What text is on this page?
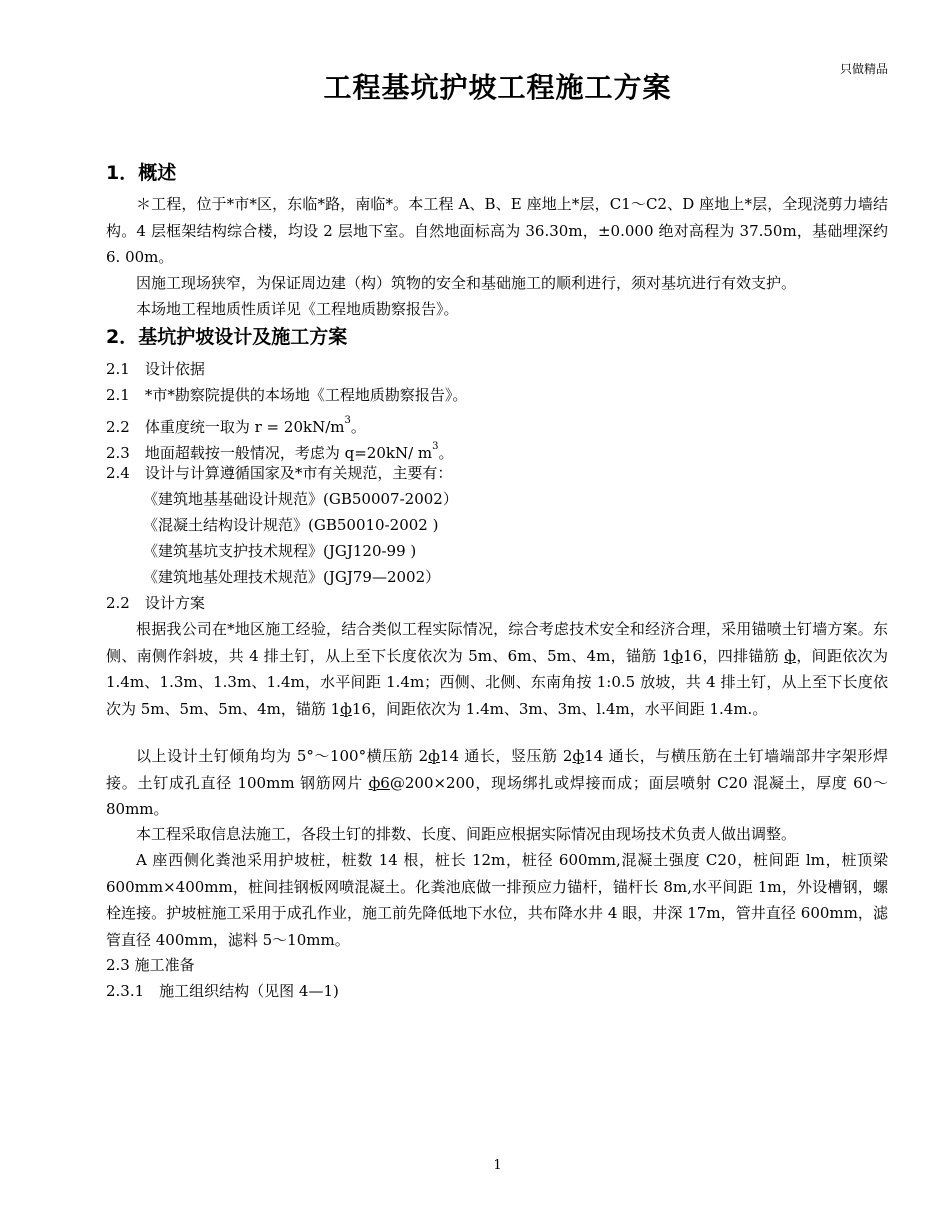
只做精品
工程基坑护坡工程施工方案
1．概述

＊工程，位于*市*区，东临*路，南临*。本工程 A、B、E 座地上*层，C1～C2、D 座地上*层，全现浇剪力墙结构。4 层框架结构综合楼，均设 2 层地下室。自然地面标高为 36.30m，±0.000 绝对高程为 37.50m，基础埋深约 6. 00m。

因施工现场狭窄，为保证周边建（构）筑物的安全和基础施工的顺利进行，须对基坑进行有效支护。

本场地工程地质性质详见《工程地质勘察报告》。

2．基坑护坡设计及施工方案
2.1　设计依据
2.1　*市*勘察院提供的本场地《工程地质勘察报告》。
2.2　体重度统一取为 $r = 20kN/m^3$。
2.3　地面超载按一般情况，考虑为 q=20kN/ $m^3$。
2.4　设计与计算遵循国家及*市有关规范，主要有：
《建筑地基基础设计规范》(GB50007-2002）
《混凝土结构设计规范》(GB50010-2002 )
《建筑基坑支护技术规程》(JGJ120-99 )
《建筑地基处理技术规范》(JGJ79—2002）
2.2　设计方案

根据我公司在*地区施工经验，结合类似工程实际情况，综合考虑技术安全和经济合理，采用锚喷土钉墙方案。东侧、南侧作斜坡，共 4 排土钉，从上至下长度依次为 5m、6m、5m、4m，锚筋 1ф16，四排锚筋 ф，间距依次为 1.4m、1.3m、1.3m、1.4m，水平间距 1.4m；西侧、北侧、东南角按 1:0.5 放坡，共 4 排土钉，从上至下长度依次为 5m、5m、5m、4m，锚筋 1ф16，间距依次为 1.4m、3m、3m、l.4m，水平间距 1.4m.。

以上设计土钉倾角均为 5°～100°横压筋 2ф14 通长，竖压筋 2ф14 通长，与横压筋在土钉墙端部井字架形焊接。土钉成孔直径 100mm 钢筋网片 ф6@200×200，现场绑扎或焊接而成；面层喷射 C20 混凝土，厚度 60～80mm。

本工程采取信息法施工，各段土钉的排数、长度、间距应根据实际情况由现场技术负责人做出调整。

A 座西侧化粪池采用护坡桩，桩数 14 根，桩长 12m，桩径 600mm,混凝土强度 C20，桩间距 lm，桩顶梁 600mm×400mm，桩间挂钢板网喷混凝土。化粪池底做一排预应力锚杆，锚杆长 8m,水平间距 1m，外设槽钢，螺栓连接。护坡桩施工采用于成孔作业，施工前先降低地下水位，共布降水井 4 眼，井深 17m，管井直径 600mm，滤管直径 400mm，滤料 5～10mm。

2.3 施工准备
2.3.1　施工组织结构（见图 4—1)
1
